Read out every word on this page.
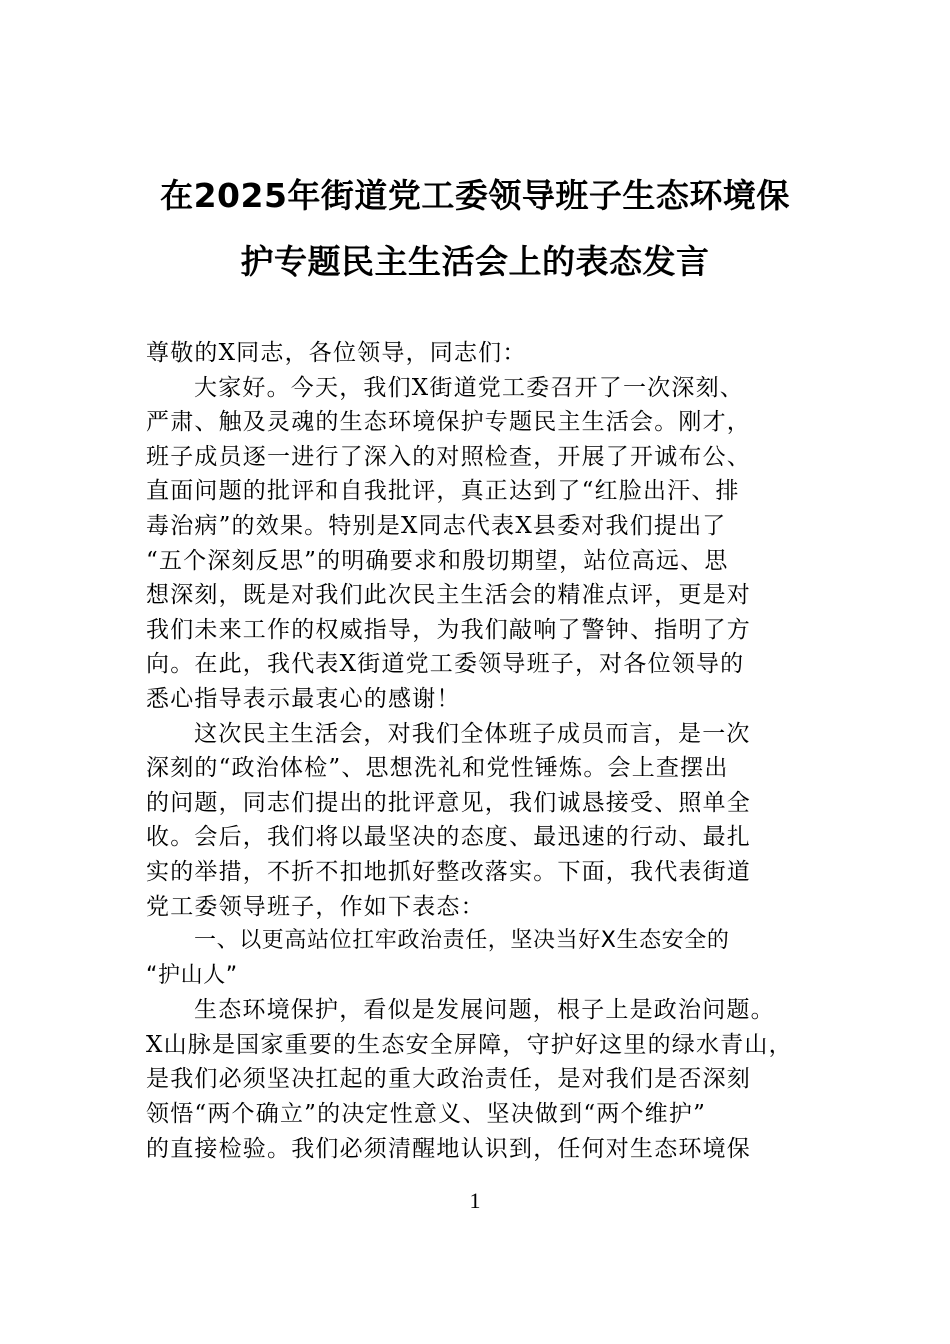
在2025年街道党工委领导班子生态环境保
护专题民主生活会上的表态发言
尊敬的X同志，各位领导，同志们：
大家好。今天，我们X街道党工委召开了一次深刻、
严肃、触及灵魂的生态环境保护专题民主生活会。刚才，
班子成员逐一进行了深入的对照检查，开展了开诚布公、
直面问题的批评和自我批评，真正达到了“红脸出汗、排
毒治病”的效果。特别是X同志代表X县委对我们提出了
“五个深刻反思”的明确要求和殷切期望，站位高远、思
想深刻，既是对我们此次民主生活会的精准点评，更是对
我们未来工作的权威指导，为我们敲响了警钟、指明了方
向。在此，我代表X街道党工委领导班子，对各位领导的
悉心指导表示最衷心的感谢！
这次民主生活会，对我们全体班子成员而言，是一次
深刻的“政治体检”、思想洗礼和党性锤炼。会上查摆出
的问题，同志们提出的批评意见，我们诚恳接受、照单全
收。会后，我们将以最坚决的态度、最迅速的行动、最扎
实的举措，不折不扣地抓好整改落实。下面，我代表街道
党工委领导班子，作如下表态：
一、以更高站位扛牢政治责任，坚决当好X生态安全的
“护山人”
生态环境保护，看似是发展问题，根子上是政治问题。
X山脉是国家重要的生态安全屏障，守护好这里的绿水青山，
是我们必须坚决扛起的重大政治责任，是对我们是否深刻
领悟“两个确立”的决定性意义、坚决做到“两个维护”
的直接检验。我们必须清醒地认识到，任何对生态环境保
1
